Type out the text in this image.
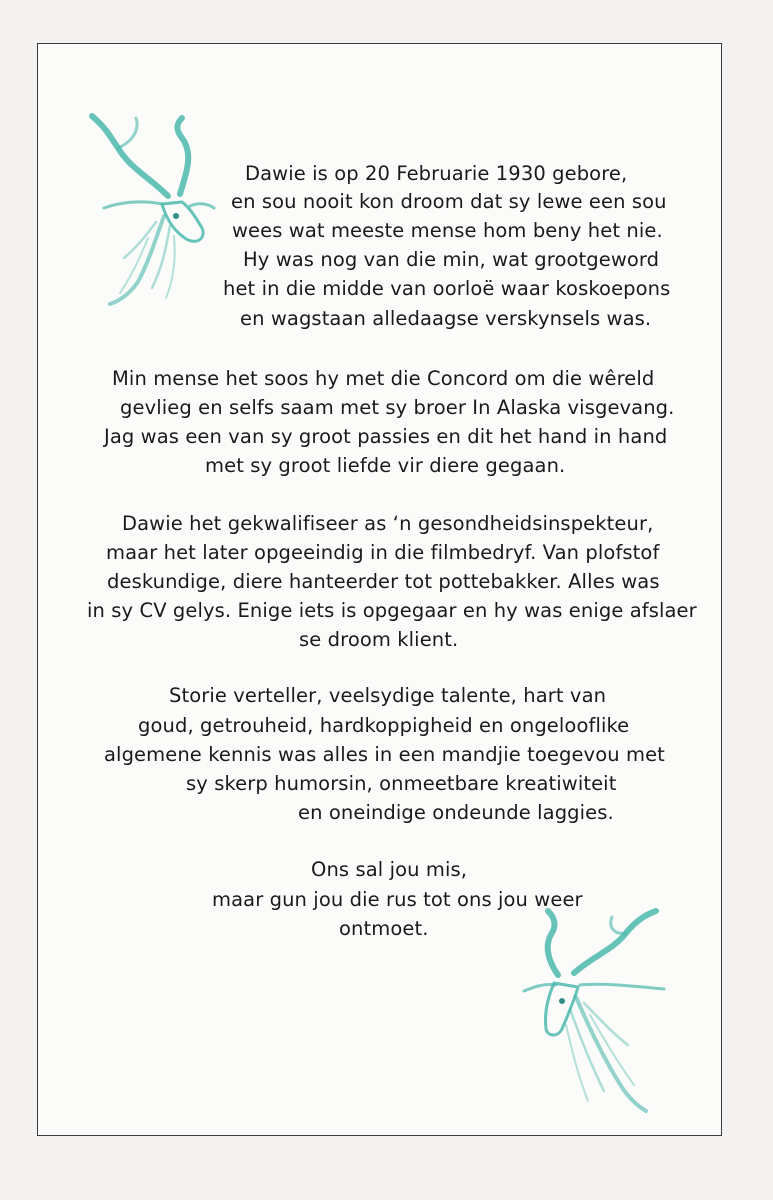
Dawie is op 20 Februarie 1930 gebore,
en sou nooit kon droom dat sy lewe een sou
wees wat meeste mense hom beny het nie.
Hy was nog van die min, wat grootgeword
het in die midde van oorloë waar koskoepons
en wagstaan alledaagse verskynsels was.
Min mense het soos hy met die Concord om die wêreld
gevlieg en selfs saam met sy broer In Alaska visgevang.
Jag was een van sy groot passies en dit het hand in hand
met sy groot liefde vir diere gegaan.
Dawie het gekwalifiseer as ‘n gesondheidsinspekteur,
maar het later opgeeindig in die filmbedryf. Van plofstof
deskundige, diere hanteerder tot pottebakker. Alles was
in sy CV gelys. Enige iets is opgegaar en hy was enige afslaer
se droom klient.
Storie verteller, veelsydige talente, hart van
goud, getrouheid, hardkoppigheid en ongelooflike
algemene kennis was alles in een mandjie toegevou met
sy skerp humorsin, onmeetbare kreatiwiteit
en oneindige ondeunde laggies.
Ons sal jou mis,
maar gun jou die rus tot ons jou weer
ontmoet.
